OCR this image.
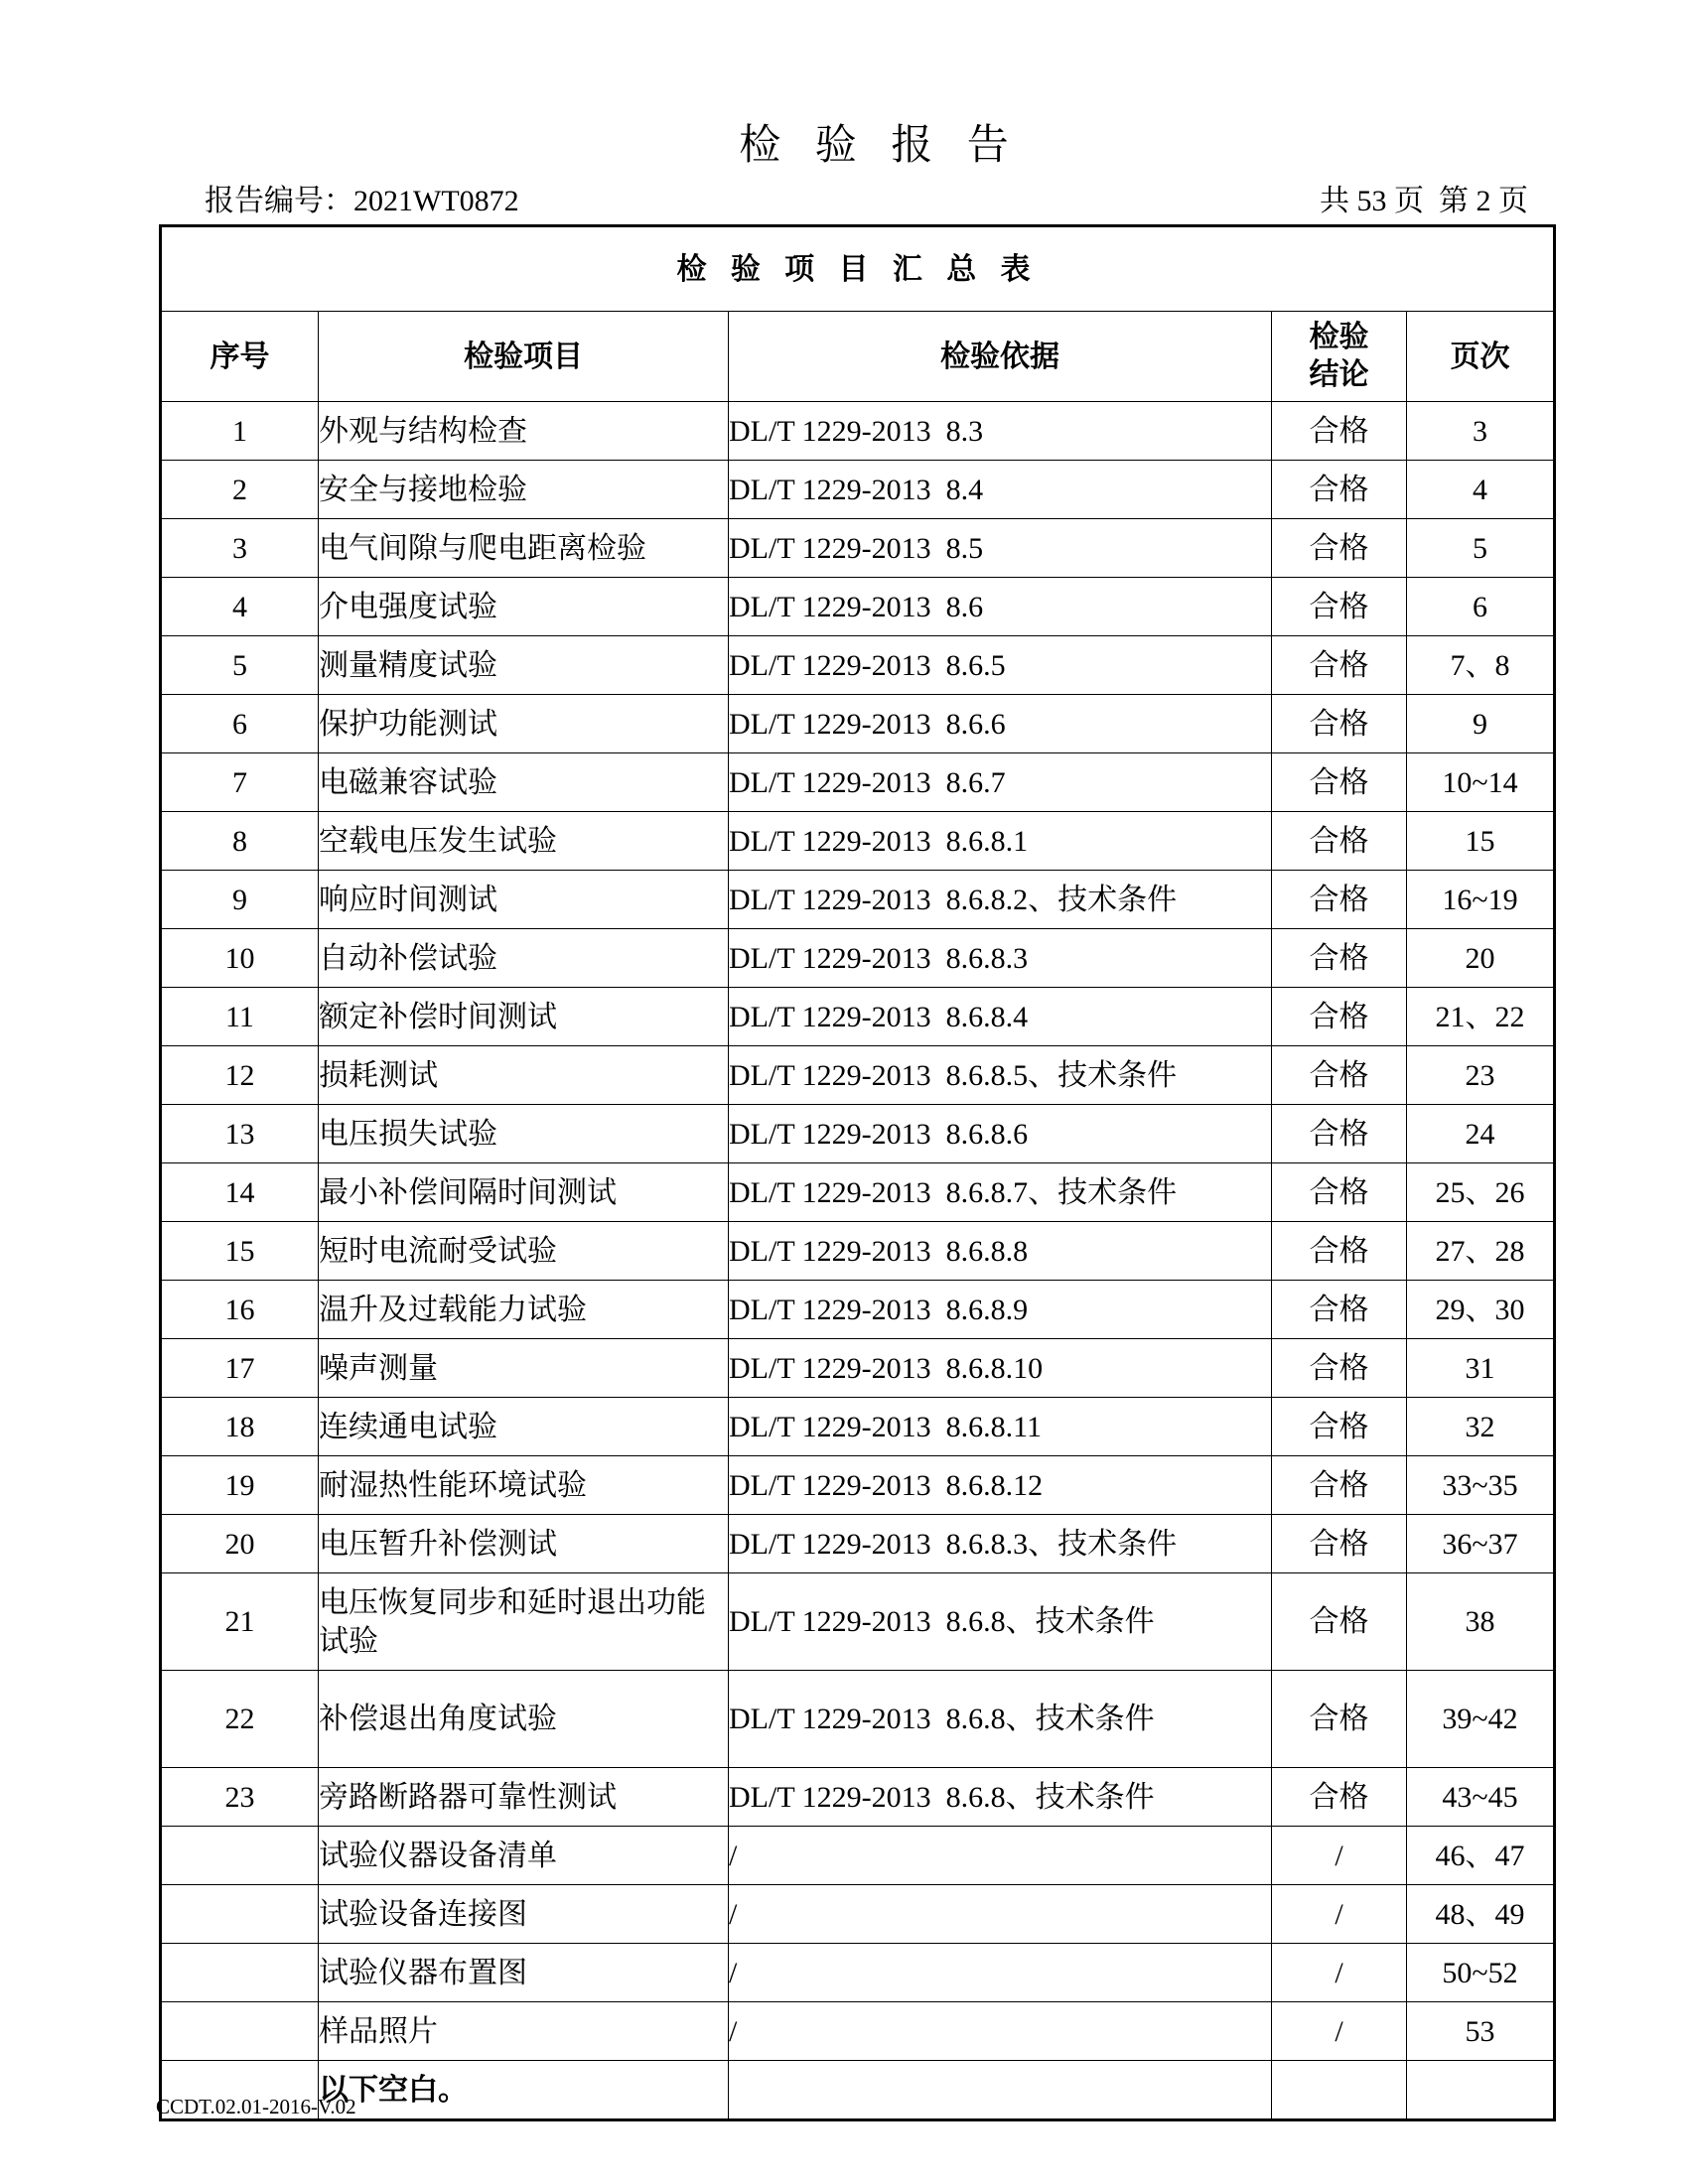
检 验 报 告
报告编号：2021WT0872	共 53 页  第 2 页
检 验 项 目 汇 总 表				
序号	检验项目	检验依据	检验结论	页次
1	外观与结构检查	DL/T 1229-2013  8.3	合格	3
2	安全与接地检验	DL/T 1229-2013  8.4	合格	4
3	电气间隙与爬电距离检验	DL/T 1229-2013  8.5	合格	5
4	介电强度试验	DL/T 1229-2013  8.6	合格	6
5	测量精度试验	DL/T 1229-2013  8.6.5	合格	7、8
6	保护功能测试	DL/T 1229-2013  8.6.6	合格	9
7	电磁兼容试验	DL/T 1229-2013  8.6.7	合格	10~14
8	空载电压发生试验	DL/T 1229-2013  8.6.8.1	合格	15
9	响应时间测试	DL/T 1229-2013  8.6.8.2、技术条件	合格	16~19
10	自动补偿试验	DL/T 1229-2013  8.6.8.3	合格	20
11	额定补偿时间测试	DL/T 1229-2013  8.6.8.4	合格	21、22
12	损耗测试	DL/T 1229-2013  8.6.8.5、技术条件	合格	23
13	电压损失试验	DL/T 1229-2013  8.6.8.6	合格	24
14	最小补偿间隔时间测试	DL/T 1229-2013  8.6.8.7、技术条件	合格	25、26
15	短时电流耐受试验	DL/T 1229-2013  8.6.8.8	合格	27、28
16	温升及过载能力试验	DL/T 1229-2013  8.6.8.9	合格	29、30
17	噪声测量	DL/T 1229-2013  8.6.8.10	合格	31
18	连续通电试验	DL/T 1229-2013  8.6.8.11	合格	32
19	耐湿热性能环境试验	DL/T 1229-2013  8.6.8.12	合格	33~35
20	电压暂升补偿测试	DL/T 1229-2013  8.6.8.3、技术条件	合格	36~37
21	电压恢复同步和延时退出功能试验	DL/T 1229-2013  8.6.8、技术条件	合格	38
22	补偿退出角度试验	DL/T 1229-2013  8.6.8、技术条件	合格	39~42
23	旁路断路器可靠性测试	DL/T 1229-2013  8.6.8、技术条件	合格	43~45
	试验仪器设备清单	/	/	46、47
	试验设备连接图	/	/	48、49
	试验仪器布置图	/	/	50~52
	样品照片	/	/	53
	以下空白。			
CCDT.02.01-2016-V.02
